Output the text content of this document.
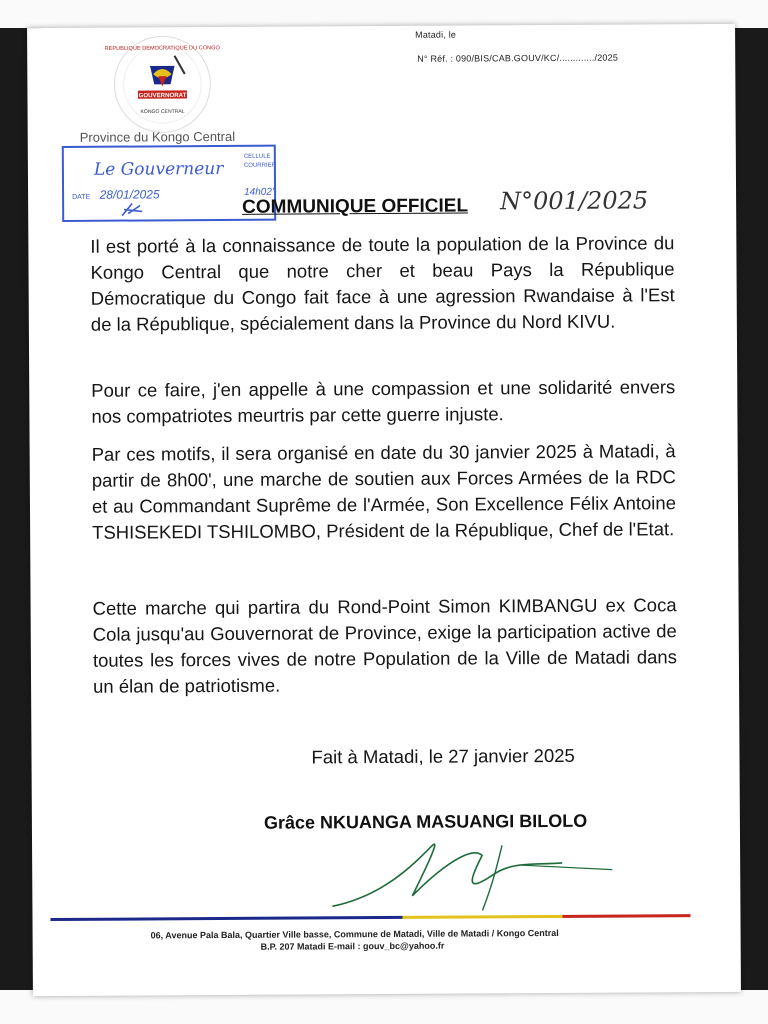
Matadi, le
N° Réf. : 090/BIS/CAB.GOUV/KC/............./2025
REPUBLIQUE DEMOCRATIQUE DU CONGO
GOUVERNORAT
KONGO CENTRAL
Province du Kongo Central
Le Gouverneur
DATE 28/01/2025
CELLULE COURRIER
14h02'
COMMUNIQUE OFFICIEL N°001/2025
Il est porté à la connaissance de toute la population de la Province du Kongo Central que notre cher et beau Pays la République Démocratique du Congo fait face à une agression Rwandaise à l'Est de la République, spécialement dans la Province du Nord KIVU.
Pour ce faire, j'en appelle à une compassion et une solidarité envers nos compatriotes meurtris par cette guerre injuste.
Par ces motifs, il sera organisé en date du 30 janvier 2025 à Matadi, à partir de 8h00', une marche de soutien aux Forces Armées de la RDC et au Commandant Suprême de l'Armée, Son Excellence Félix Antoine TSHISEKEDI TSHILOMBO, Président de la République, Chef de l'Etat.
Cette marche qui partira du Rond-Point Simon KIMBANGU ex Coca Cola jusqu'au Gouvernorat de Province, exige la participation active de toutes les forces vives de notre Population de la Ville de Matadi dans un élan de patriotisme.
Fait à Matadi, le 27 janvier 2025
Grâce NKUANGA MASUANGI BILOLO
06, Avenue Pala Bala, Quartier Ville basse, Commune de Matadi, Ville de Matadi / Kongo Central
B.P. 207 Matadi E-mail : gouv_bc@yahoo.fr
